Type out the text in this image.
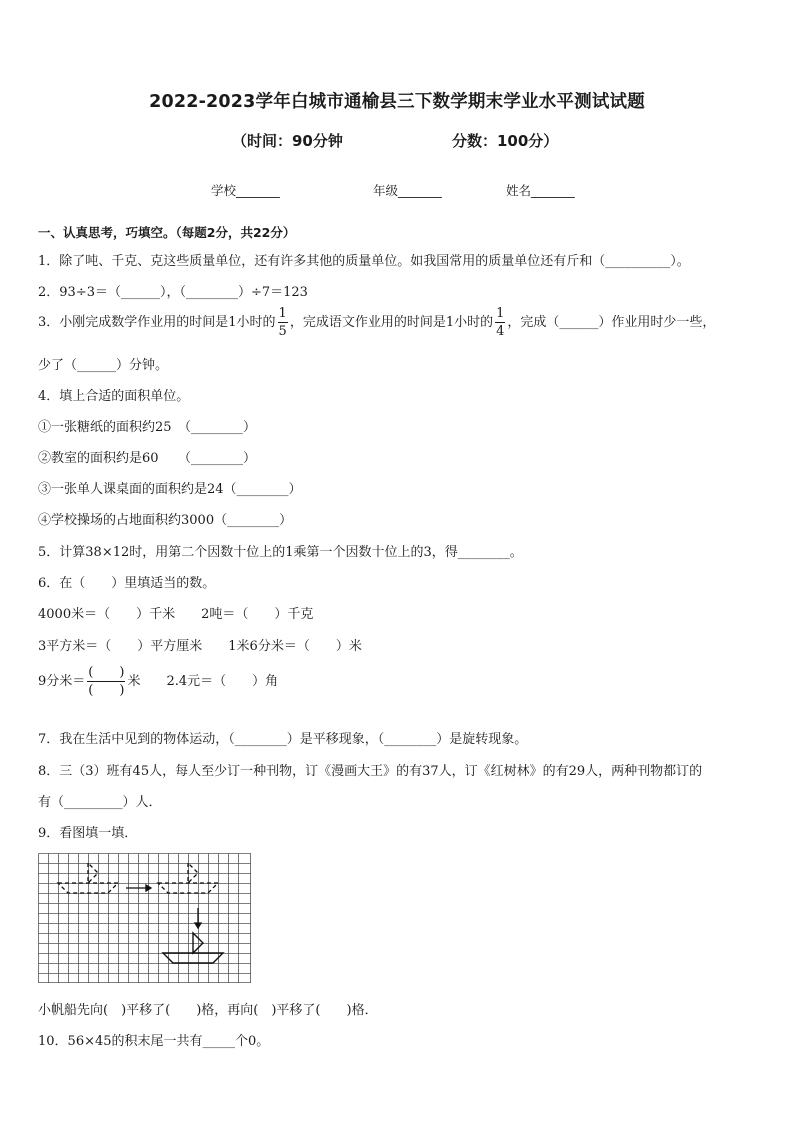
2022-2023学年白城市通榆县三下数学期末学业水平测试试题
（时间：90分钟	分数：100分）
学校_______	年级_______	姓名_______
一、认真思考，巧填空。（每题2分，共22分）
1．除了吨、千克、克这些质量单位，还有许多其他的质量单位。如我国常用的质量单位还有斤和（__________）。
2．93÷3＝（______），（________）÷7＝123
3．小刚完成数学作业用的时间是1小时的 $\frac{1}{5}$ ，完成语文作业用的时间是1小时的 $\frac{1}{4}$ ，完成（______）作业用时少一些，
少了（______）分钟。
4．填上合适的面积单位。
①一张糖纸的面积约25　（________）
②教室的面积约是60　　（________）
③一张单人课桌面的面积约是24（________）
④学校操场的占地面积约3000（________）
5．计算38×12时，用第二个因数十位上的1乘第一个因数十位上的3，得________。
6．在（　　）里填适当的数。
4000米＝（　　）千米　　2吨＝（　　）千克
3平方米＝（　　）平方厘米　　1米6分米＝（　　）米
9分米＝ $\frac{( )}{( )}$ 米　　2.4元＝（　　）角
7．我在生活中见到的物体运动，（________）是平移现象，（________）是旋转现象。
8．三（3）班有45人，每人至少订一种刊物，订《漫画大王》的有37人，订《红树林》的有29人，两种刊物都订的
有（_________）人．
9．看图填一填．
小帆船先向(　)平移了(　　)格，再向(　)平移了(　　)格．
10．56×45的积末尾一共有_____个0。
